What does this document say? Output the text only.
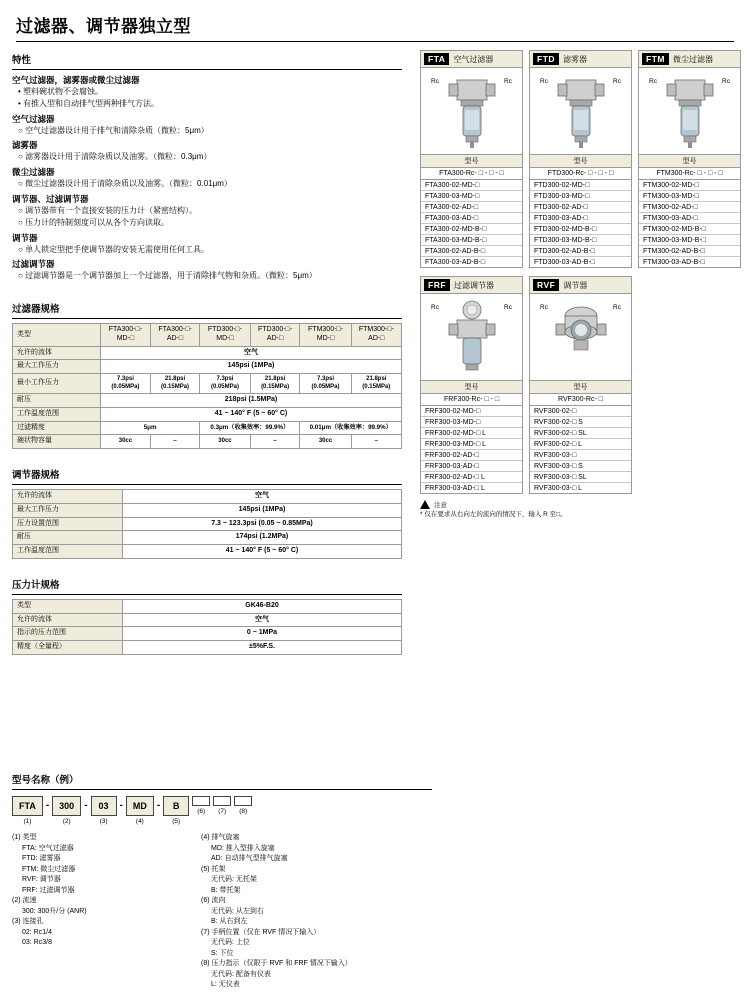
过滤器、调节器独立型
特性
空气过滤器，滤雾器或微尘过滤器
• 塑料碗状物不会腐蚀。
• 有推入型和自动排气型两种排气方法。
空气过滤器
○ 空气过滤器设计用于排气和清除杂质（微粒：5μm）
滤雾器
○ 滤雾器设计用于清除杂质以及油雾。（微粒：0.3μm）
微尘过滤器
○ 微尘过滤器设计用于清除杂质以及油雾。（微粒：0.01μm）
调节器、过滤调节器
○ 调节器带有一个直接安装的压力计（紧密结构）。
○ 压力计的特制刻度可以从各个方向读取。
调节器
○ 单人锁定型把手使调节器的安装无需使用任何工具。
过滤调节器
○ 过滤调节器是一个调节器加上一个过滤器，用于清除排气物和杂质。（微粒：5μm）
过滤器规格
类型	FTA300-□-MD-□	FTA300-□-AD-□	FTD300-□-MD-□	FTD300-□-AD-□	FTM300-□-MD-□	FTM300-□-AD-□
允许的流体	空气					
最大工作压力	145psi (1MPa)					
最小工作压力	7.3psi (0.05MPa)	21.8psi (0.15MPa)	7.3psi (0.05MPa)	21.8psi (0.15MPa)	7.3psi (0.05MPa)	21.8psi (0.15MPa)
耐压	218psi (1.5MPa)					
工作温度范围	41 ~ 140° F (5 ~ 60° C)					
过滤精度	5μm		0.3μm（收集效率：99.9%）		0.01μm（收集效率：99.9%）	
碗状物容量	30cc	–	30cc	–	30cc	–
调节器规格
允许的流体	空气
最大工作压力	145psi (1MPa)
压力设置范围	7.3 ~ 123.3psi (0.05 ~ 0.85MPa)
耐压	174psi (1.2MPa)
工作温度范围	41 ~ 140° F (5 ~ 60° C)
压力计规格
类型	GK46-B20
允许的流体	空气
指示的压力范围	0 ~ 1MPa
精度（全量程）	±5%F.S.
FTA	空气过滤器
Rc	Rc
型号
FTA300-Rc- □ - □ - □
FTA300-02-MD-□
FTA300-03-MD-□
FTA300-02-AD-□
FTA300-03-AD-□
FTA300-02-MD-B-□
FTA300-03-MD-B-□
FTA300-02-AD-B-□
FTA300-03-AD-B-□
FTD	滤雾器
Rc	Rc
型号
FTD300-Rc- □ - □ - □
FTD300-02-MD-□
FTD300-03-MD-□
FTD300-02-AD-□
FTD300-03-AD-□
FTD300-02-MD-B-□
FTD300-03-MD-B-□
FTD300-02-AD-B-□
FTD300-03-AD-B-□
FTM	微尘过滤器
Rc	Rc
型号
FTM300-Rc- □ - □ - □
FTM300-02-MD-□
FTM300-03-MD-□
FTM300-02-AD-□
FTM300-03-AD-□
FTM300-02-MD-B-□
FTM300-03-MD-B-□
FTM300-02-AD-B-□
FTM300-03-AD-B-□
FRF	过滤调节器
Rc	Rc
型号
FRF300-Rc- □ - □
FRF300-02-MD-□
FRF300-03-MD-□
FRF300-02-MD-□ L
FRF300-03-MD-□ L
FRF300-02-AD-□
FRF300-03-AD-□
FRF300-02-AD-□ L
FRF300-03-AD-□ L
RVF	调节器
Rc	Rc
型号
RVF300-Rc- □
RVF300-02-□
RVF300-02-□ S
RVF300-02-□ SL
RVF300-02-□ L
RVF300-03-□
RVF300-03-□ S
RVF300-03-□ SL
RVF300-03-□ L
注意
* 仅在要求从右向左的流向的情况下，输入 R 至□。
型号名称（例）
FTA
(1)
-	300
(2)
-	03
(3)
-	MD
(4)
-	B
(5)
(6)	(7)	(8)
(1) 类型
FTA: 空气过滤器
FTD: 滤雾器
FTM: 微尘过滤器
RVF: 调节器
FRF: 过滤调节器
(2) 流速
300: 300升/分 (ANR)
(3) 连接孔
02: Rc1/4
03: Rc3/8
(4) 排气旋塞
MD: 推入型排入旋塞
AD: 自动排气型排气旋塞
(5) 托架
无代码: 无托架
B: 带托架
(6) 流向
无代码: 从左到右
B: 从右到左
(7) 手柄位置（仅在 RVF 情况下输入）
无代码: 上位
S: 下位
(8) 压力指示（仅限于 RVF 和 FRF 情况下输入）
无代码: 配备有仪表
L: 无仪表
